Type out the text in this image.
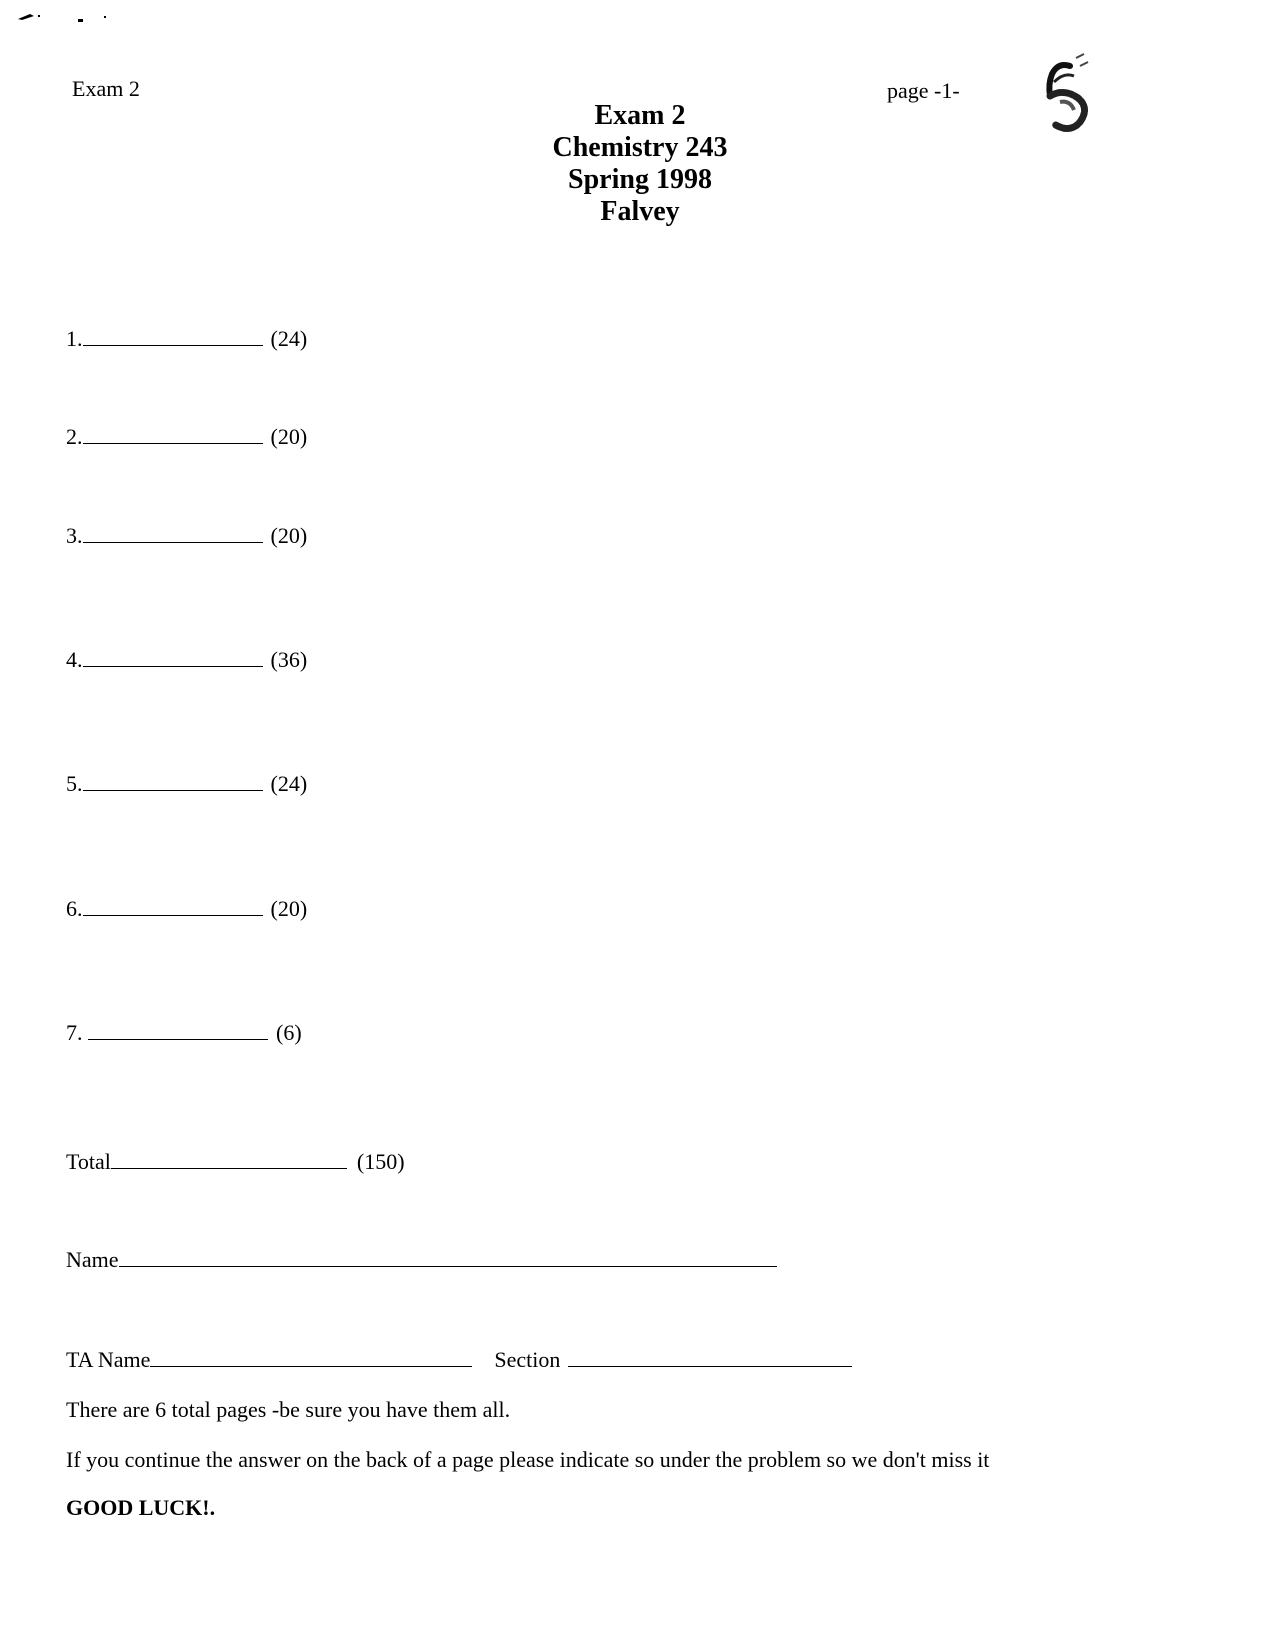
Exam 2	page -1-
Exam 2
Chemistry 243
Spring 1998
Falvey
1.	(24)
2.	(20)
3.	(20)
4.	(36)
5.	(24)
6.	(20)
7.	(6)
Total	(150)
Name
TA Name	Section
There are 6 total pages -be sure you have them all.
If you continue the answer on the back of a page please indicate so under the problem so we don't miss it
GOOD LUCK!.
